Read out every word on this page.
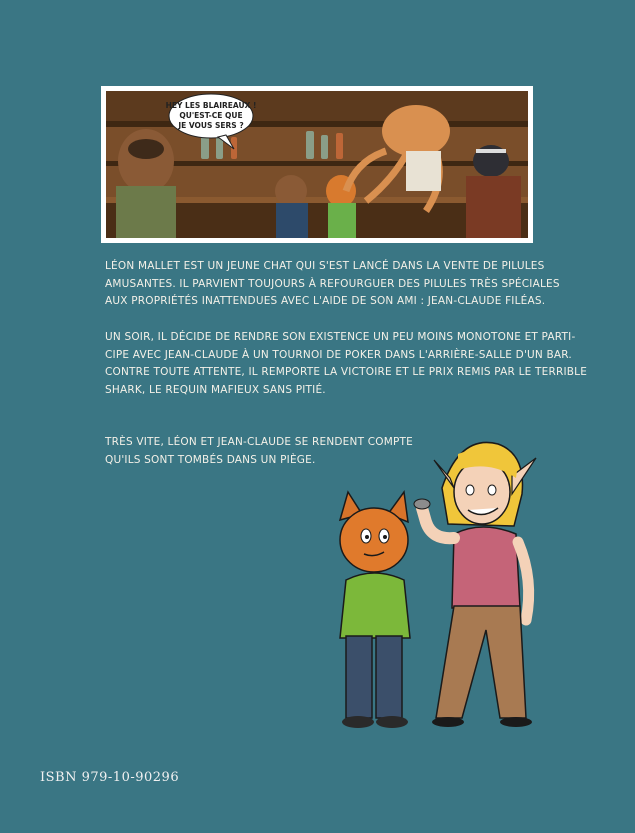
HEY LES BLAIREAUX !
QU'EST-CE QUE
JE VOUS SERS ?

LÉON MALLET EST UN JEUNE CHAT QUI S'EST LANCÉ DANS LA VENTE DE PILULES

AMUSANTES. IL PARVIENT TOUJOURS À REFOURGUER DES PILULES TRÈS SPÉCIALES

AUX PROPRIÉTÉS INATTENDUES AVEC L'AIDE DE SON AMI : JEAN-CLAUDE FILÉAS.

UN SOIR, IL DÉCIDE DE RENDRE SON EXISTENCE UN PEU MOINS MONOTONE ET PARTI-

CIPE AVEC JEAN-CLAUDE À UN TOURNOI DE POKER DANS L'ARRIÈRE-SALLE D'UN BAR.

CONTRE TOUTE ATTENTE, IL REMPORTE LA VICTOIRE ET LE PRIX REMIS PAR LE TERRIBLE

SHARK, LE REQUIN MAFIEUX SANS PITIÉ.

TRÈS VITE, LÉON ET JEAN-CLAUDE SE RENDENT COMPTE

QU'ILS SONT TOMBÉS DANS UN PIÈGE.

ISBN 979-10-90296
